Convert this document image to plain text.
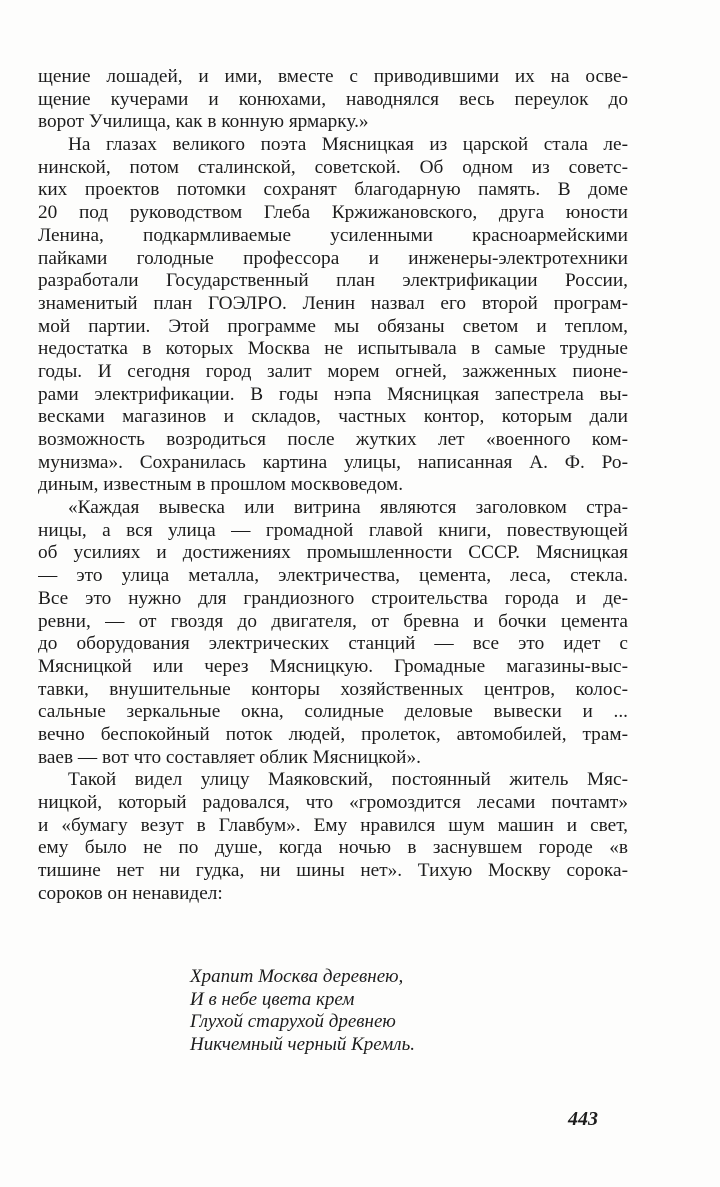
щение лошадей, и ими, вместе с приводившими их на осве-
щение кучерами и конюхами, наводнялся весь переулок до
ворот Училища, как в конную ярмарку.»
На глазах великого поэта Мясницкая из царской стала ле-
нинской, потом сталинской, советской. Об одном из советс-
ких проектов потомки сохранят благодарную память. В доме
20 под руководством Глеба Кржижановского, друга юности
Ленина, подкармливаемые усиленными красноармейскими
пайками голодные профессора и инженеры-электротехники
разработали Государственный план электрификации России,
знаменитый план ГОЭЛРО. Ленин назвал его второй програм-
мой партии. Этой программе мы обязаны светом и теплом,
недостатка в которых Москва не испытывала в самые трудные
годы. И сегодня город залит морем огней, зажженных пионе-
рами электрификации. В годы нэпа Мясницкая запестрела вы-
весками магазинов и складов, частных контор, которым дали
возможность возродиться после жутких лет «военного ком-
мунизма». Сохранилась картина улицы, написанная А. Ф. Ро-
диным, известным в прошлом москвоведом.
«Каждая вывеска или витрина являются заголовком стра-
ницы, а вся улица — громадной главой книги, повествующей
об усилиях и достижениях промышленности СССР. Мясницкая
— это улица металла, электричества, цемента, леса, стекла.
Все это нужно для грандиозного строительства города и де-
ревни, — от гвоздя до двигателя, от бревна и бочки цемента
до оборудования электрических станций — все это идет с
Мясницкой или через Мясницкую. Громадные магазины-выс-
тавки, внушительные конторы хозяйственных центров, колос-
сальные зеркальные окна, солидные деловые вывески и ...
вечно беспокойный поток людей, пролеток, автомобилей, трам-
ваев — вот что составляет облик Мясницкой».
Такой видел улицу Маяковский, постоянный житель Мяс-
ницкой, который радовался, что «громоздится лесами почтамт»
и «бумагу везут в Главбум». Ему нравился шум машин и свет,
ему было не по душе, когда ночью в заснувшем городе «в
тишине нет ни гудка, ни шины нет». Тихую Москву сорока-
сороков он ненавидел:
Храпит Москва деревнею,
И в небе цвета крем
Глухой старухой древнею
Никчемный черный Кремль.
443
